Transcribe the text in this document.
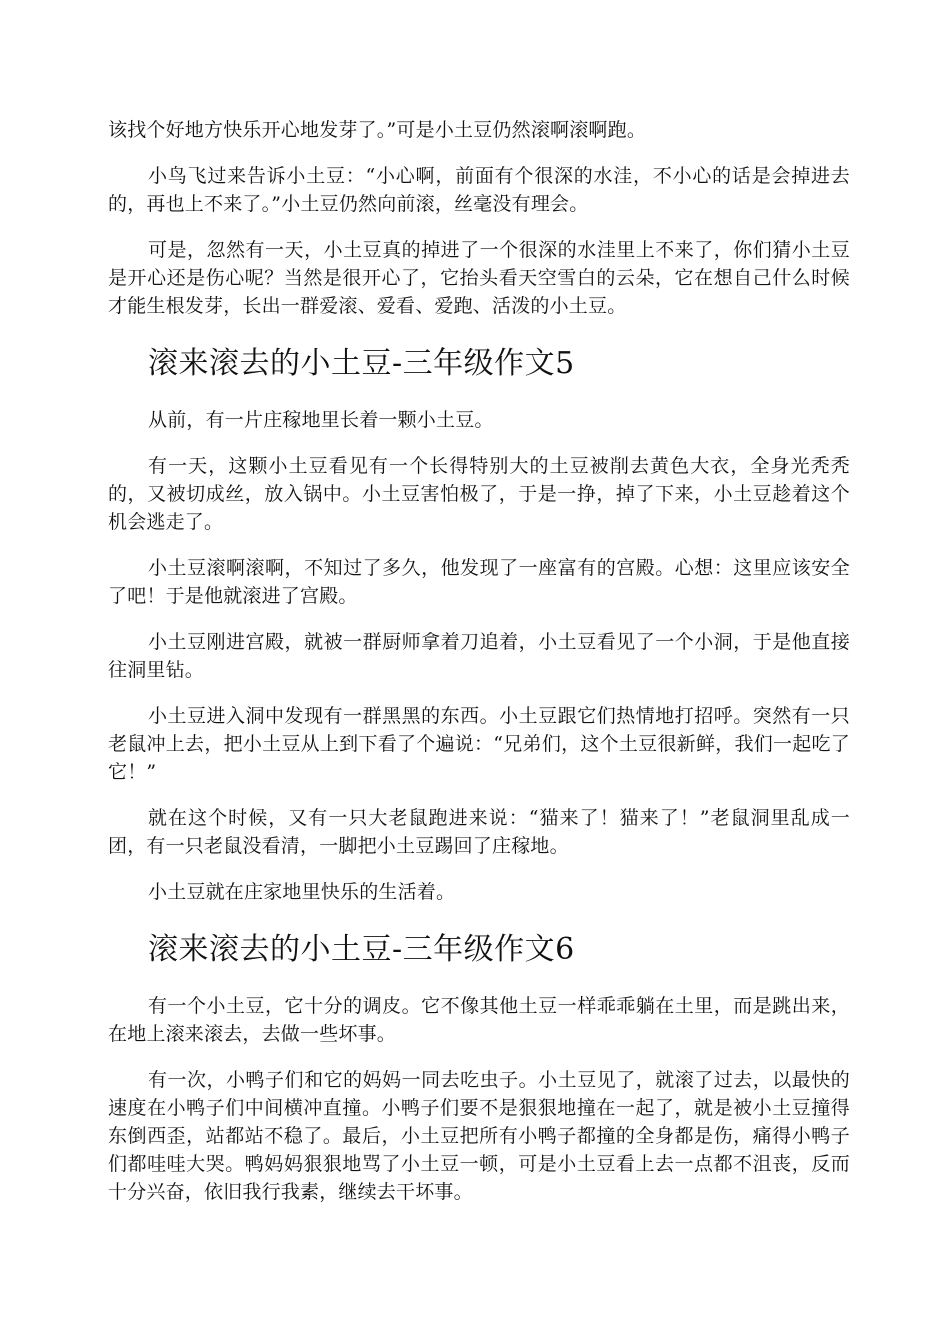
该找个好地方快乐开心地发芽了。”可是小土豆仍然滚啊滚啊跑。

小鸟飞过来告诉小土豆：“小心啊，前面有个很深的水洼，不小心的话是会掉进去的，再也上不来了。”小土豆仍然向前滚，丝毫没有理会。

可是，忽然有一天，小土豆真的掉进了一个很深的水洼里上不来了，你们猜小土豆是开心还是伤心呢？当然是很开心了，它抬头看天空雪白的云朵，它在想自己什么时候才能生根发芽，长出一群爱滚、爱看、爱跑、活泼的小土豆。

滚来滚去的小土豆-三年级作文5

从前，有一片庄稼地里长着一颗小土豆。

有一天，这颗小土豆看见有一个长得特别大的土豆被削去黄色大衣，全身光秃秃的，又被切成丝，放入锅中。小土豆害怕极了，于是一挣，掉了下来，小土豆趁着这个机会逃走了。

小土豆滚啊滚啊，不知过了多久，他发现了一座富有的宫殿。心想：这里应该安全了吧！于是他就滚进了宫殿。

小土豆刚进宫殿，就被一群厨师拿着刀追着，小土豆看见了一个小洞，于是他直接往洞里钻。

小土豆进入洞中发现有一群黑黑的东西。小土豆跟它们热情地打招呼。突然有一只老鼠冲上去，把小土豆从上到下看了个遍说：“兄弟们，这个土豆很新鲜，我们一起吃了它！”

就在这个时候，又有一只大老鼠跑进来说：“猫来了！猫来了！”老鼠洞里乱成一团，有一只老鼠没看清，一脚把小土豆踢回了庄稼地。

小土豆就在庄家地里快乐的生活着。

滚来滚去的小土豆-三年级作文6

有一个小土豆，它十分的调皮。它不像其他土豆一样乖乖躺在土里，而是跳出来，在地上滚来滚去，去做一些坏事。

有一次，小鸭子们和它的妈妈一同去吃虫子。小土豆见了，就滚了过去，以最快的速度在小鸭子们中间横冲直撞。小鸭子们要不是狠狠地撞在一起了，就是被小土豆撞得东倒西歪，站都站不稳了。最后，小土豆把所有小鸭子都撞的全身都是伤，痛得小鸭子们都哇哇大哭。鸭妈妈狠狠地骂了小土豆一顿，可是小土豆看上去一点都不沮丧，反而十分兴奋，依旧我行我素，继续去干坏事。
